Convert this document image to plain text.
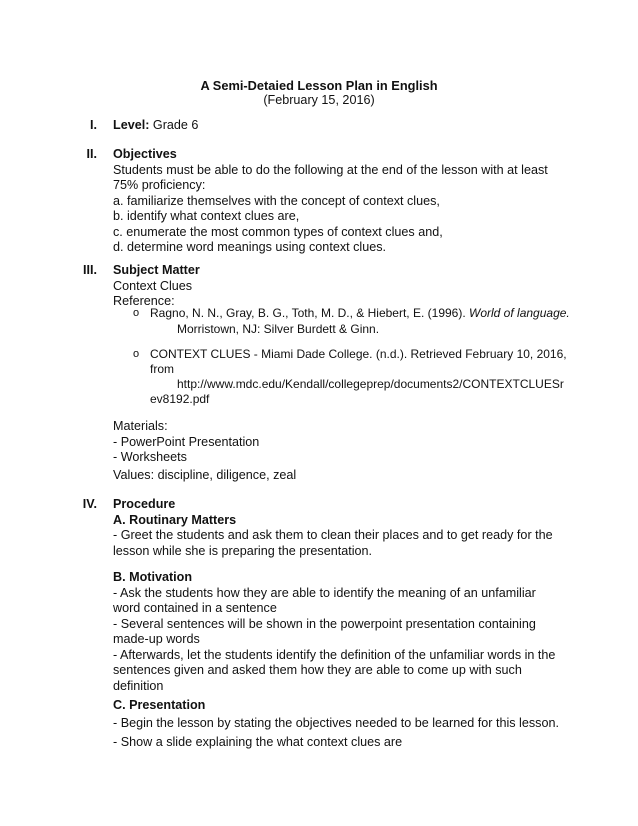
A Semi-Detaied Lesson Plan in English
(February 15, 2016)
I. Level: Grade 6
II. Objectives
Students must be able to do the following at the end of the lesson with at least
75% proficiency:
a. familiarize themselves with the concept of context clues,
b. identify what context clues are,
c. enumerate the most common types of context clues and,
d. determine word meanings using context clues.
III. Subject Matter
Context Clues
Reference:
o Ragno, N. N., Gray, B. G., Toth, M. D., & Hiebert, E. (1996). World of language.
Morristown, NJ: Silver Burdett & Ginn.
o CONTEXT CLUES - Miami Dade College. (n.d.). Retrieved February 10, 2016,
from
http://www.mdc.edu/Kendall/collegeprep/documents2/CONTEXTCLUESr
ev8192.pdf
Materials:
- PowerPoint Presentation
- Worksheets
Values: discipline, diligence, zeal
IV. Procedure
A. Routinary Matters
- Greet the students and ask them to clean their places and to get ready for the
lesson while she is preparing the presentation.
B. Motivation
- Ask the students how they are able to identify the meaning of an unfamiliar
word contained in a sentence
- Several sentences will be shown in the powerpoint presentation containing
made-up words
- Afterwards, let the students identify the definition of the unfamiliar words in the
sentences given and asked them how they are able to come up with such
definition
C. Presentation
- Begin the lesson by stating the objectives needed to be learned for this lesson.
- Show a slide explaining the what context clues are
